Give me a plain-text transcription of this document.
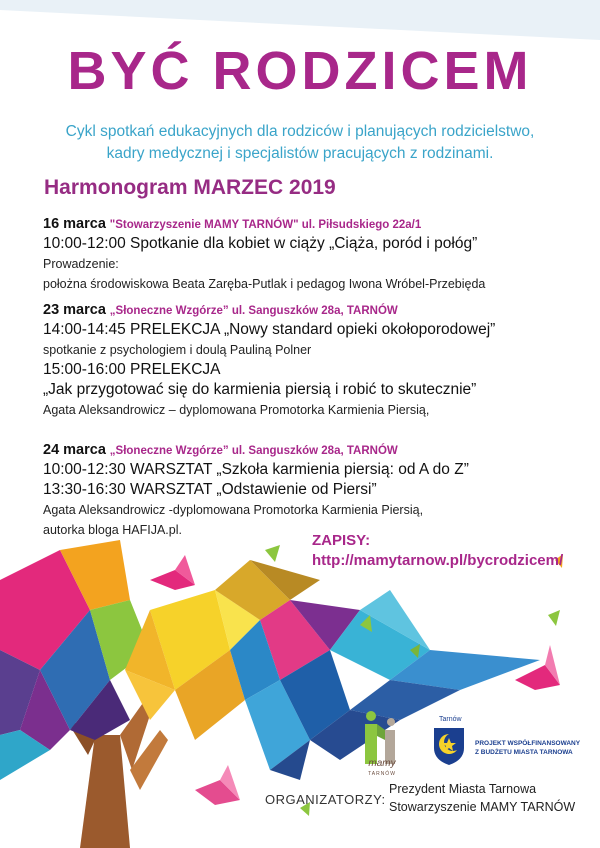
BYĆ RODZICEM
Cykl spotkań edukacyjnych dla rodziców i planujących rodzicielstwo,
kadry medycznej i specjalistów pracujących z rodzinami.
Harmonogram MARZEC 2019
16 marca "Stowarzyszenie MAMY TARNÓW" ul. Piłsudskiego 22a/1
10:00-12:00 Spotkanie dla kobiet w ciąży „Ciąża, poród i połóg”
Prowadzenie:
położna środowiskowa Beata Zaręba-Putlak i pedagog Iwona Wróbel-Przebięda
23 marca „Słoneczne Wzgórze” ul. Sanguszków 28a, TARNÓW
14:00-14:45 PRELEKCJA „Nowy standard opieki okołoporodowej”
spotkanie z psychologiem i doulą Pauliną Polner
15:00-16:00 PRELEKCJA
„Jak przygotować się do karmienia piersią i robić to skutecznie”
Agata Aleksandrowicz – dyplomowana Promotorka Karmienia Piersią,
24 marca „Słoneczne Wzgórze” ul. Sanguszków 28a, TARNÓW
10:00-12:30 WARSZTAT „Szkoła karmienia piersią: od A do Z”
13:30-16:30 WARSZTAT „Odstawienie od Piersi”
Agata Aleksandrowicz -dyplomowana Promotorka Karmienia Piersią,
autorka bloga HAFIJA.pl.
ZAPISY:
http://mamytarnow.pl/bycrodzicem/
mamy
TARNÓW
Tarnów
PROJEKT WSPÓŁFINANSOWANY
Z BUDŻETU MIASTA TARNOWA
ORGANIZATORZY:
Prezydent Miasta Tarnowa
Stowarzyszenie MAMY TARNÓW
